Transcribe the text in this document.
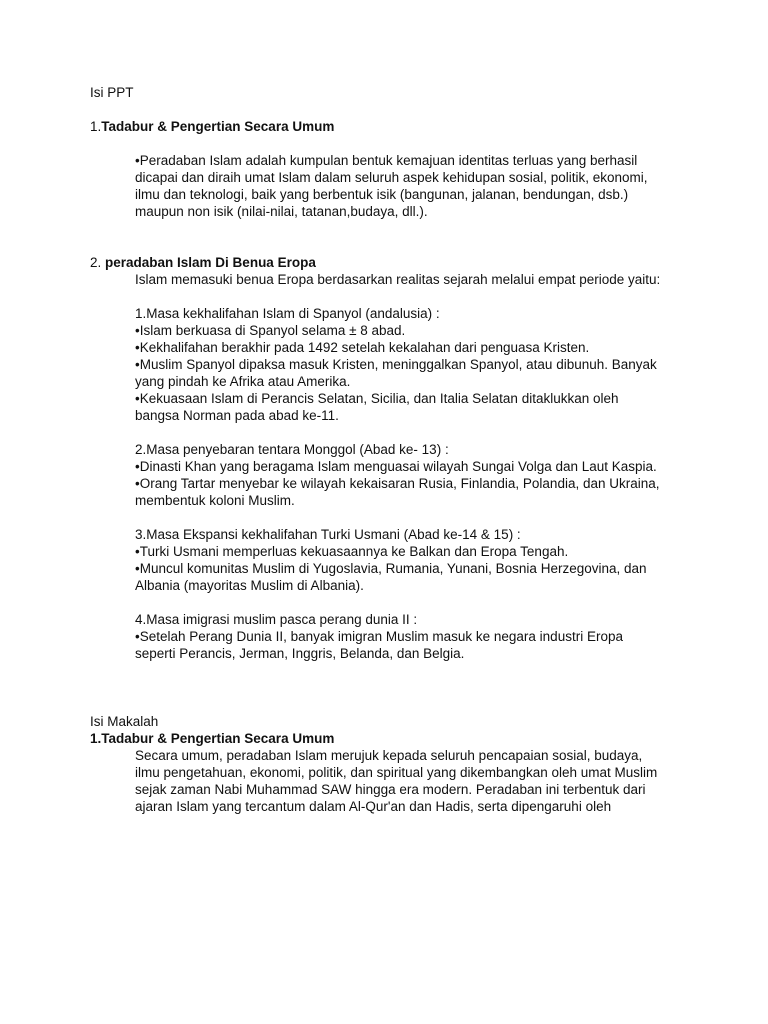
Isi PPT
1.Tadabur & Pengertian Secara Umum
•Peradaban Islam adalah kumpulan bentuk kemajuan identitas terluas yang berhasil
dicapai dan diraih umat Islam dalam seluruh aspek kehidupan sosial, politik, ekonomi,
ilmu dan teknologi, baik yang berbentuk isik (bangunan, jalanan, bendungan, dsb.)
maupun non isik (nilai-nilai, tatanan,budaya, dll.).
2. peradaban Islam Di Benua Eropa
Islam memasuki benua Eropa berdasarkan realitas sejarah melalui empat periode yaitu:
1.Masa kekhalifahan Islam di Spanyol (andalusia) :
•Islam berkuasa di Spanyol selama ± 8 abad.
•Kekhalifahan berakhir pada 1492 setelah kekalahan dari penguasa Kristen.
•Muslim Spanyol dipaksa masuk Kristen, meninggalkan Spanyol, atau dibunuh. Banyak
yang pindah ke Afrika atau Amerika.
•Kekuasaan Islam di Perancis Selatan, Sicilia, dan Italia Selatan ditaklukkan oleh
bangsa Norman pada abad ke-11.
2.Masa penyebaran tentara Monggol (Abad ke- 13) :
•Dinasti Khan yang beragama Islam menguasai wilayah Sungai Volga dan Laut Kaspia.
•Orang Tartar menyebar ke wilayah kekaisaran Rusia, Finlandia, Polandia, dan Ukraina,
membentuk koloni Muslim.
3.Masa Ekspansi kekhalifahan Turki Usmani (Abad ke-14 & 15) :
•Turki Usmani memperluas kekuasaannya ke Balkan dan Eropa Tengah.
•Muncul komunitas Muslim di Yugoslavia, Rumania, Yunani, Bosnia Herzegovina, dan
Albania (mayoritas Muslim di Albania).
4.Masa imigrasi muslim pasca perang dunia II :
•Setelah Perang Dunia II, banyak imigran Muslim masuk ke negara industri Eropa
seperti Perancis, Jerman, Inggris, Belanda, dan Belgia.
Isi Makalah
1.Tadabur & Pengertian Secara Umum
Secara umum, peradaban Islam merujuk kepada seluruh pencapaian sosial, budaya,
ilmu pengetahuan, ekonomi, politik, dan spiritual yang dikembangkan oleh umat Muslim
sejak zaman Nabi Muhammad SAW hingga era modern. Peradaban ini terbentuk dari
ajaran Islam yang tercantum dalam Al-Qur'an dan Hadis, serta dipengaruhi oleh
